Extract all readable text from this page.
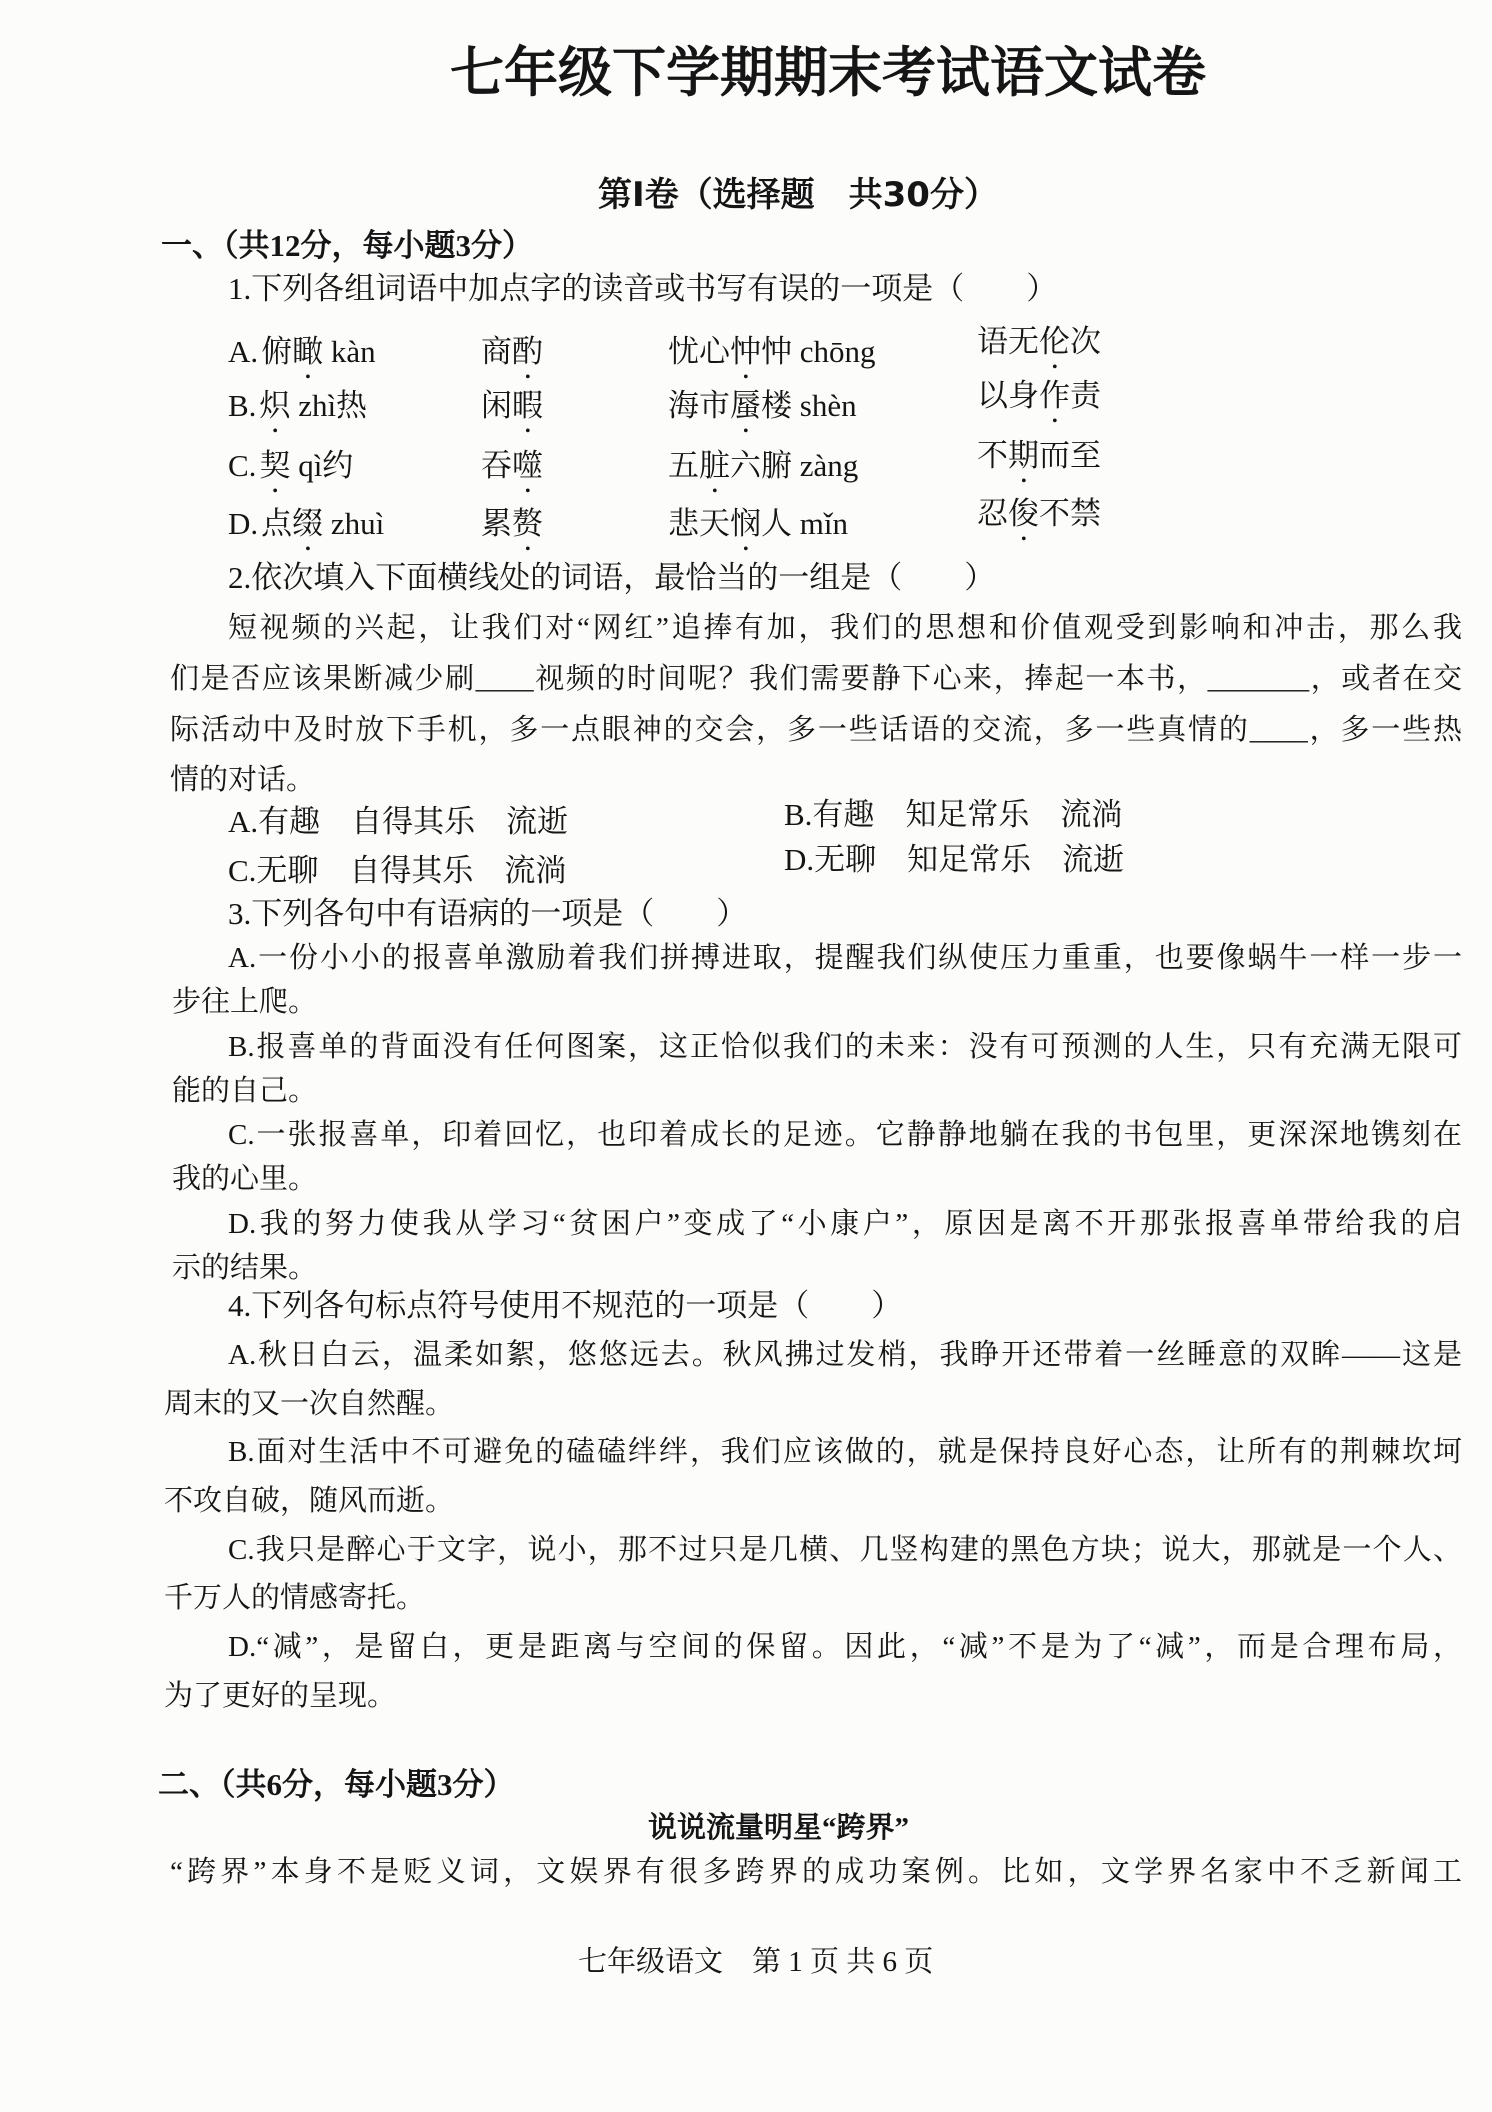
七年级下学期期末考试语文试卷
第Ⅰ卷（选择题　共30分）
一、（共12分，每小题3分）
1.下列各组词语中加点字的读音或书写有误的一项是（　　）
A.俯瞰 kàn	商酌	忧心忡忡 chōng	语无伦次
B.炽 zhì热	闲暇	海市蜃楼 shèn	以身作责
C.契 qì约	吞噬	五脏六腑 zàng	不期而至
D.点缀 zhuì	累赘	悲天悯人 mǐn	忍俊不禁
2.依次填入下面横线处的词语，最恰当的一组是（　　）
短视频的兴起，让我们对“网红”追捧有加，我们的思想和价值观受到影响和冲击，那么我
们是否应该果断减少刷____视频的时间呢？我们需要静下心来，捧起一本书，_______，或者在交
际活动中及时放下手机，多一点眼神的交会，多一些话语的交流，多一些真情的____，多一些热
情的对话。
A.有趣　自得其乐　流逝	B.有趣　知足常乐　流淌
C.无聊　自得其乐　流淌	D.无聊　知足常乐　流逝
3.下列各句中有语病的一项是（　　）
A.一份小小的报喜单激励着我们拼搏进取，提醒我们纵使压力重重，也要像蜗牛一样一步一
步往上爬。
B.报喜单的背面没有任何图案，这正恰似我们的未来：没有可预测的人生，只有充满无限可
能的自己。
C.一张报喜单，印着回忆，也印着成长的足迹。它静静地躺在我的书包里，更深深地镌刻在
我的心里。
D.我的努力使我从学习“贫困户”变成了“小康户”，原因是离不开那张报喜单带给我的启
示的结果。
4.下列各句标点符号使用不规范的一项是（　　）
A.秋日白云，温柔如絮，悠悠远去。秋风拂过发梢，我睁开还带着一丝睡意的双眸——这是
周末的又一次自然醒。
B.面对生活中不可避免的磕磕绊绊，我们应该做的，就是保持良好心态，让所有的荆棘坎坷
不攻自破，随风而逝。
C.我只是醉心于文字，说小，那不过只是几横、几竖构建的黑色方块；说大，那就是一个人、
千万人的情感寄托。
D.“减”，是留白，更是距离与空间的保留。因此，“减”不是为了“减”，而是合理布局，
为了更好的呈现。
二、（共6分，每小题3分）
说说流量明星“跨界”
“跨界”本身不是贬义词，文娱界有很多跨界的成功案例。比如，文学界名家中不乏新闻工
七年级语文　第 1 页 共 6 页
